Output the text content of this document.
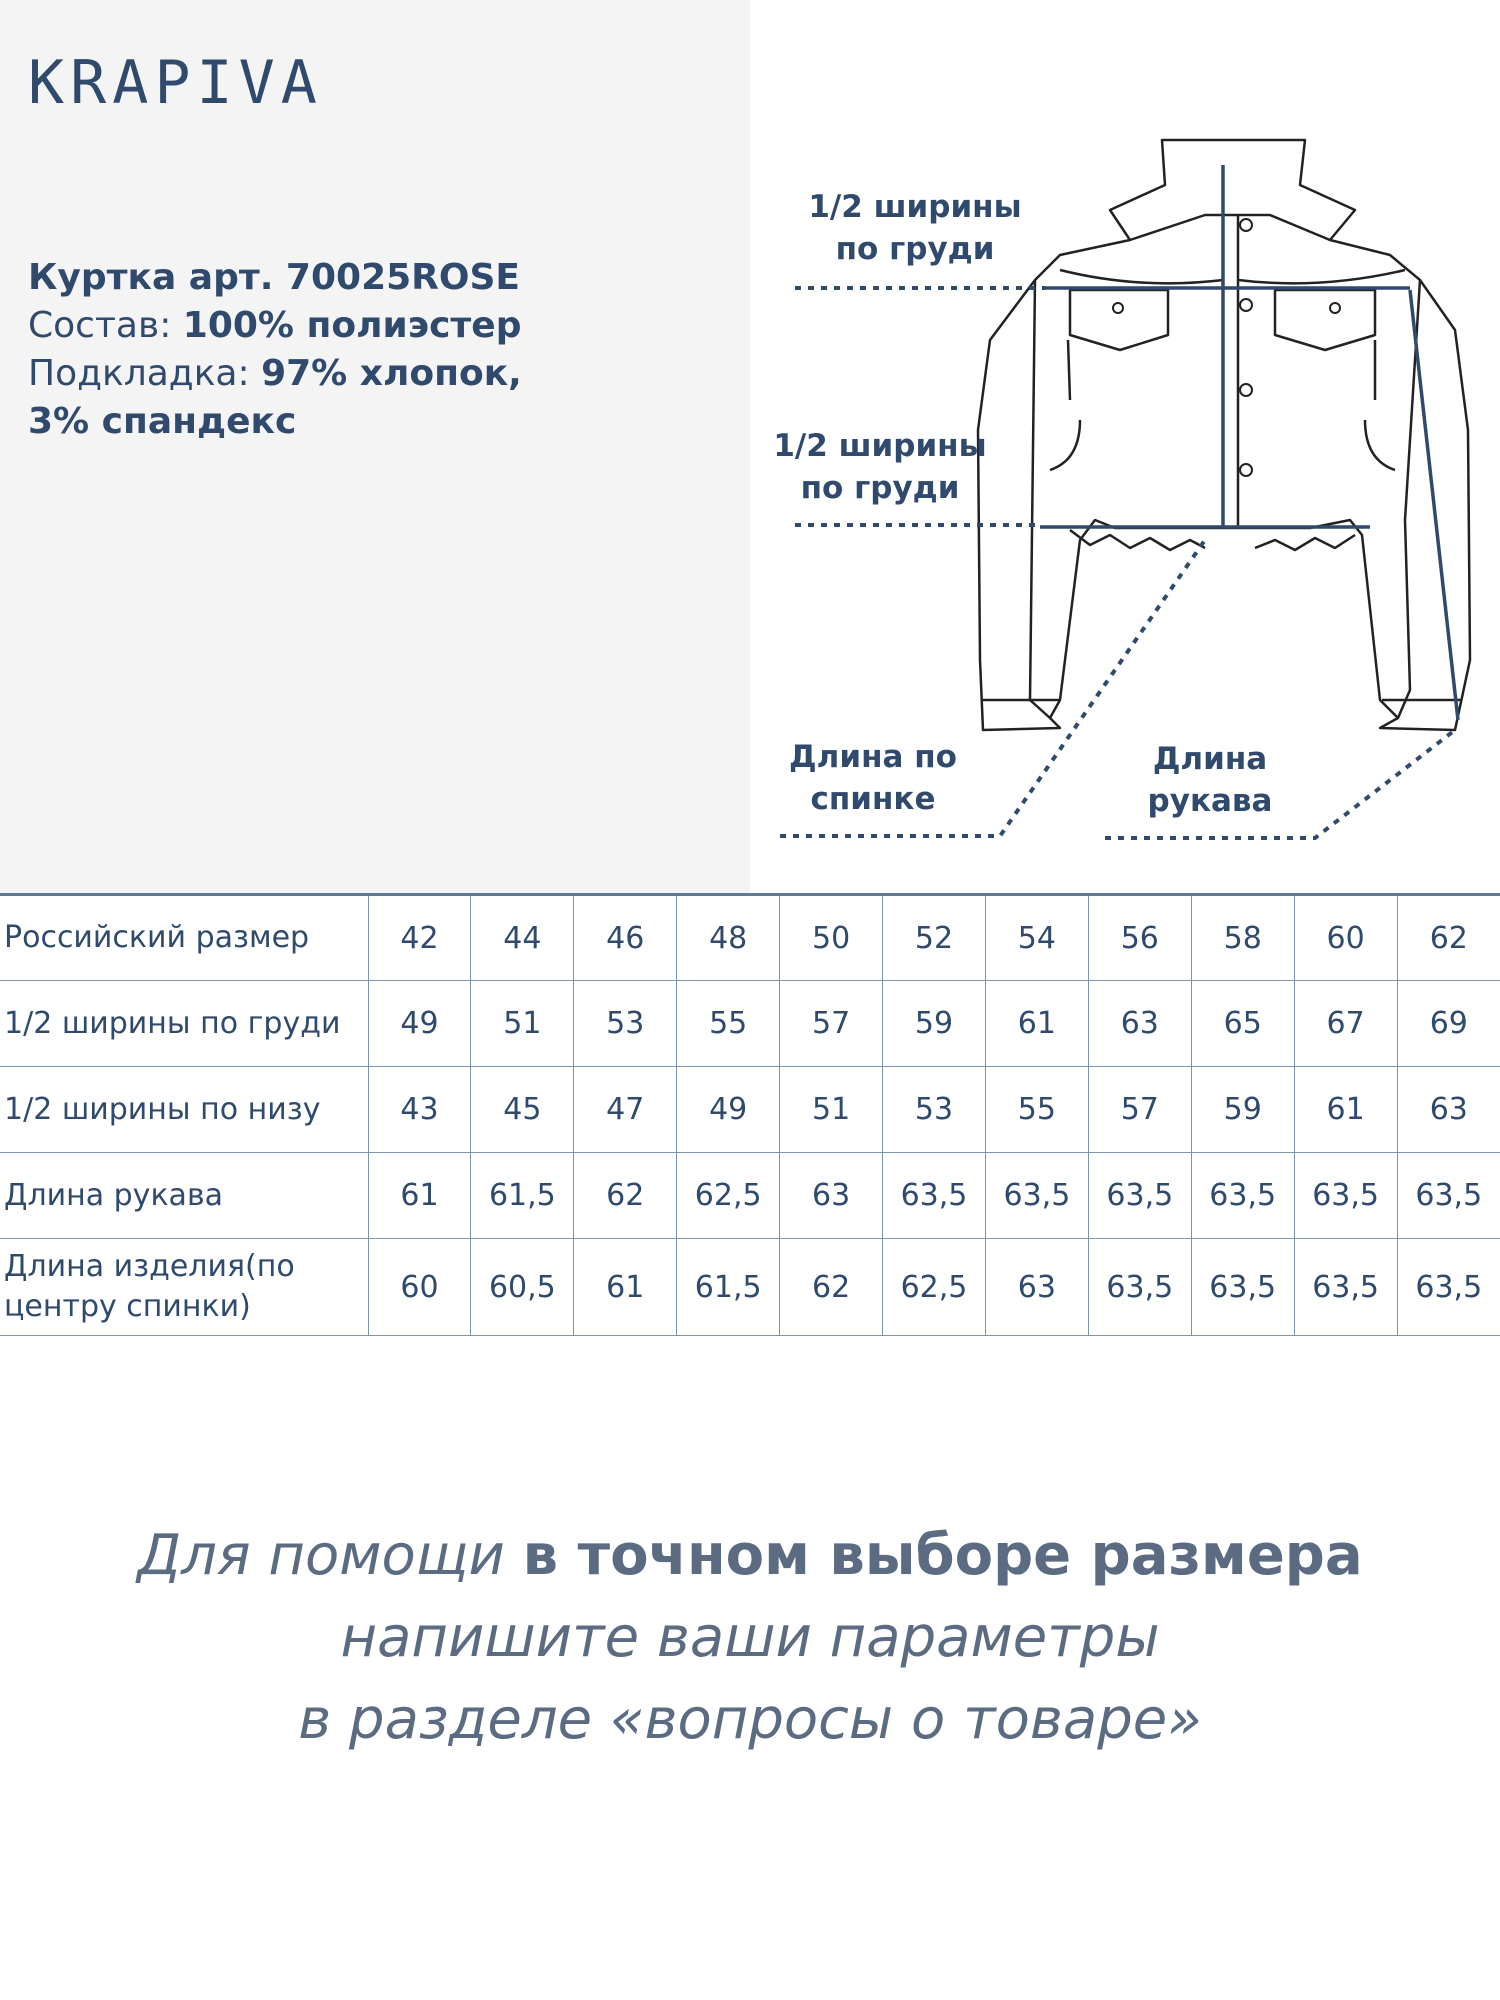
KRAPIVA

Куртка арт. 70025ROSE

Состав: 100% полиэстер

Подкладка: 97% хлопок,

3% спандекс

1/2 ширины по груди
1/2 ширины по груди
Длина по спинке
Длина рукава
Российский размер	42	44	46	48	50	52	54	56	58	60	62
1/2 ширины по груди	49	51	53	55	57	59	61	63	65	67	69
1/2 ширины по низу	43	45	47	49	51	53	55	57	59	61	63
Длина рукава	61	61,5	62	62,5	63	63,5	63,5	63,5	63,5	63,5	63,5
Длина изделия(по центру спинки)	60	60,5	61	61,5	62	62,5	63	63,5	63,5	63,5	63,5

Для помощи в точном выборе размера

напишите ваши параметры

в разделе «вопросы о товаре»
